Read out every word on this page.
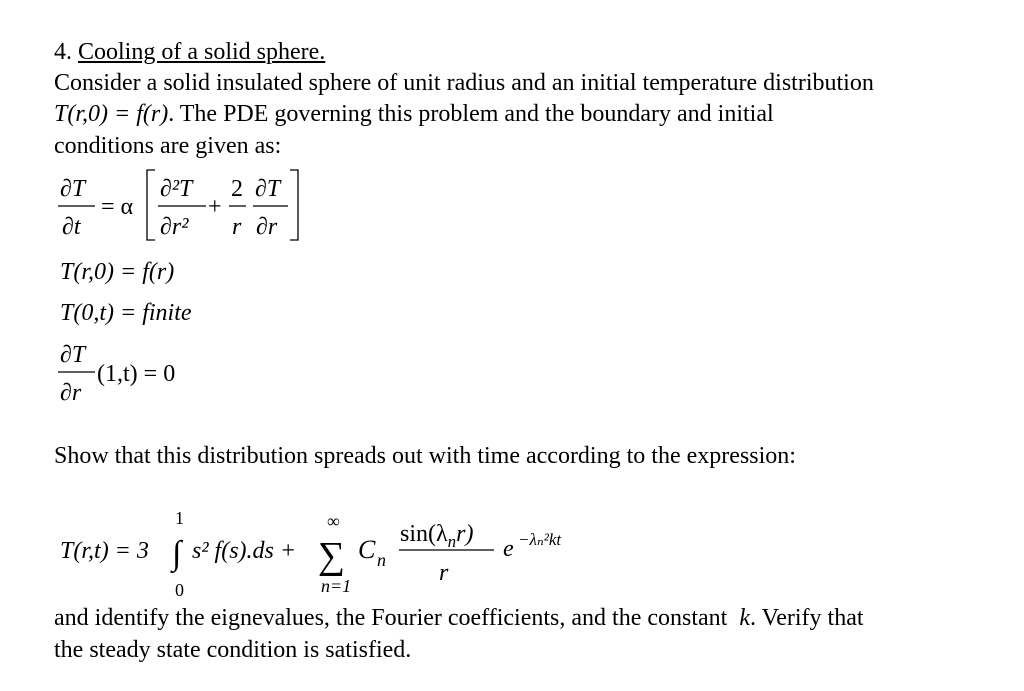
4. Cooling of a solid sphere.
Consider a solid insulated sphere of unit radius and an initial temperature distribution
T(r,0) = f(r). The PDE governing this problem and the boundary and initial
conditions are given as:
∂T
∂t
= α
∂²T
∂r²
+
2
r
∂T
∂r
T(r,0) = f(r)
T(0,t) = finite
∂T
∂r
(1,t) = 0
T(r,t) = 3 ∫
1
0
s² f(s).ds + ∑
∞
n=1
C n
$\sin(\lambda_nr)$
r
e −λₙ²kt
Show that this distribution spreads out with time according to the expression:
and identify the eignevalues, the Fourier coefficients, and the constant k. Verify that
the steady state condition is satisfied.
